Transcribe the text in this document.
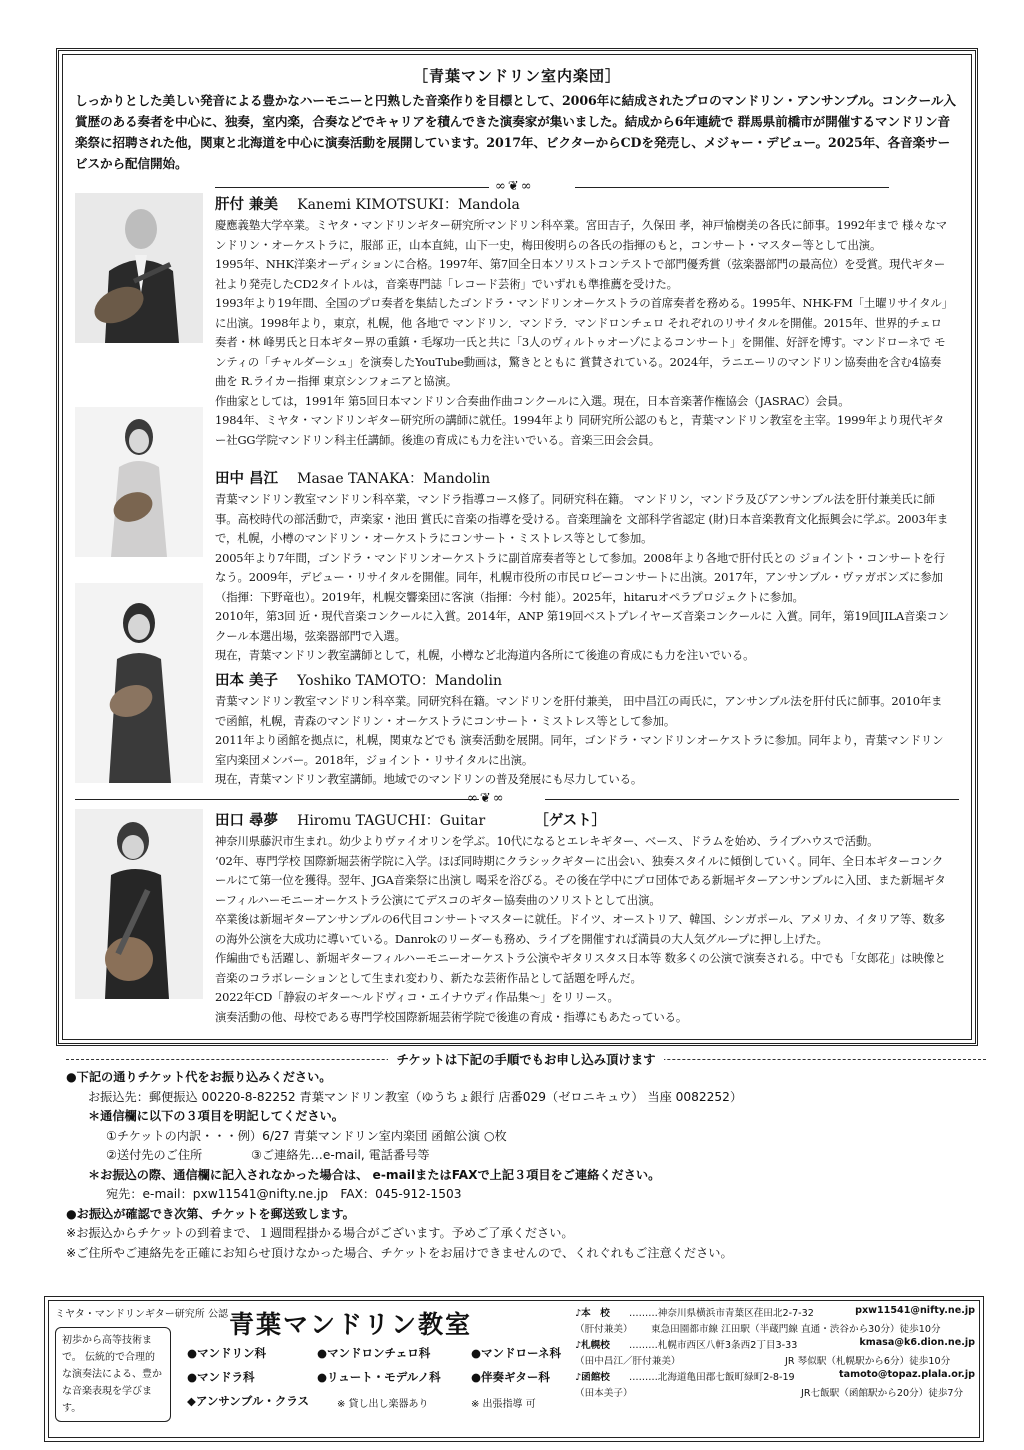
［青葉マンドリン室内楽団］
しっかりとした美しい発音による豊かなハーモニーと円熟した音楽作りを目標として、2006年に結成されたプロのマンドリン・アンサンブル。コンクール入賞歴のある奏者を中心に、独奏，室内楽，合奏などでキャリアを積んできた演奏家が集いました。結成から6年連続で 群馬県前橋市が開催するマンドリン音楽祭に招聘された他，関東と北海道を中心に演奏活動を展開しています。2017年、ビクターからCDを発売し、メジャー・デビュー。2025年、各音楽サービスから配信開始。
∞❦∞
肝付 兼美 Kanemi KIMOTSUKI：Mandola

慶應義塾大学卒業。ミヤタ・マンドリンギター研究所マンドリン科卒業。宮田吉子，久保田 孝，神戸愉樹美の各氏に師事。1992年まで 様々なマンドリン・オーケストラに，服部 正，山本直純，山下一史，梅田俊明らの各氏の指揮のもと，コンサート・マスター等として出演。

1995年、NHK洋楽オーディションに合格。1997年、第7回全日本ソリストコンテストで部門優秀賞（弦楽器部門の最高位）を受賞。現代ギター社より発売したCD2タイトルは，音楽専門誌「レコード芸術」でいずれも準推薦を受けた。

1993年より19年間、全国のプロ奏者を集結したゴンドラ・マンドリンオーケストラの首席奏者を務める。1995年、NHK-FM「土曜リサイタル」に出演。1998年より，東京，札幌，他 各地で マンドリン．マンドラ．マンドロンチェロ それぞれのリサイタルを開催。2015年、世界的チェロ奏者・林 峰男氏と日本ギター界の重鎮・毛塚功一氏と共に「3人のヴィルトゥオーゾによるコンサート」を開催、好評を博す。マンドローネで モンティの「チャルダーシュ」を演奏したYouTube動画は，驚きとともに 賞賛されている。2024年，ラニエーリのマンドリン協奏曲を含む4協奏曲を R.ライカー指揮 東京シンフォニアと協演。

作曲家としては，1991年 第5回日本マンドリン合奏曲作曲コンクールに入選。現在，日本音楽著作権協会（JASRAC）会員。

1984年、ミヤタ・マンドリンギター研究所の講師に就任。1994年より 同研究所公認のもと，青葉マンドリン教室を主宰。1999年より現代ギター社GG学院マンドリン科主任講師。後進の育成にも力を注いでいる。音楽三田会会員。

田中 昌江 Masae TANAKA：Mandolin

青葉マンドリン教室マンドリン科卒業，マンドラ指導コース修了。同研究科在籍。 マンドリン，マンドラ及びアンサンブル法を肝付兼美氏に師事。高校時代の部活動で，声楽家・池田 賞氏に音楽の指導を受ける。音楽理論を 文部科学省認定 (財)日本音楽教育文化振興会に学ぶ。2003年まで，札幌，小樽のマンドリン・オーケストラにコンサート・ミストレス等として参加。

2005年より7年間，ゴンドラ・マンドリンオーケストラに副首席奏者等として参加。2008年より各地で肝付氏との ジョイント・コンサートを行なう。2009年，デビュー・リサイタルを開催。同年，札幌市役所の市民ロビーコンサートに出演。2017年，アンサンブル・ヴァガボンズに参加（指揮：下野竜也）。2019年，札幌交響楽団に客演（指揮：今村 能）。2025年，hitaruオペラプロジェクトに参加。

2010年，第3回 近・現代音楽コンクールに入賞。2014年，ANP 第19回ベストプレイヤーズ音楽コンクールに 入賞。同年，第19回JILA音楽コンクール本選出場，弦楽器部門で入選。

現在，青葉マンドリン教室講師として，札幌，小樽など北海道内各所にて後進の育成にも力を注いでいる。

田本 美子 Yoshiko TAMOTO：Mandolin

青葉マンドリン教室マンドリン科卒業。同研究科在籍。マンドリンを肝付兼美， 田中昌江の両氏に，アンサンブル法を肝付氏に師事。2010年まで函館，札幌，青森のマンドリン・オーケストラにコンサート・ミストレス等として参加。

2011年より函館を拠点に，札幌，関東などでも 演奏活動を展開。同年，ゴンドラ・マンドリンオーケストラに参加。同年より，青葉マンドリン室内楽団メンバー。2018年，ジョイント・リサイタルに出演。

現在，青葉マンドリン教室講師。地域でのマンドリンの普及発展にも尽力している。

∞❦∞
田口 尋夢 Hiromu TAGUCHI：Guitar	［ゲスト］

神奈川県藤沢市生まれ。幼少よりヴァイオリンを学ぶ。10代になるとエレキギター、ベース、ドラムを始め、ライブハウスで活動。

‘02年、専門学校 国際新堀芸術学院に入学。ほぼ同時期にクラシックギターに出会い、独奏スタイルに傾倒していく。同年、全日本ギターコンクールにて第一位を獲得。翌年、JGA音楽祭に出演し 喝采を浴びる。その後在学中にプロ団体である新堀ギターアンサンブルに入団、また新堀ギターフィルハーモニーオーケストラ公演にてデスコのギター協奏曲のソリストとして出演。

卒業後は新堀ギターアンサンブルの6代目コンサートマスターに就任。ドイツ、オーストリア、韓国、シンガポール、アメリカ、イタリア等、数多の海外公演を大成功に導いている。Danrokのリーダーも務め、ライブを開催すれば満員の大人気グループに押し上げた。

作編曲でも活躍し、新堀ギターフィルハーモニーオーケストラ公演やギタリスタス日本等 数多くの公演で演奏される。中でも「女郎花」は映像と音楽のコラボレーションとして生まれ変わり、新たな芸術作品として話題を呼んだ。

2022年CD「静寂のギター～ルドヴィコ・エイナウディ作品集～」をリリース。

演奏活動の他、母校である専門学校国際新堀芸術学院で後進の育成・指導にもあたっている。

チケットは下記の手順でもお申し込み頂けます
●下記の通りチケット代をお振り込みください。
お振込先：郵便振込 00220-8-82252 青葉マンドリン教室（ゆうちょ銀行 店番029（ゼロニキュウ） 当座 0082252）
＊通信欄に以下の３項目を明記してください。
①チケットの内訳・・・例）6/27 青葉マンドリン室内楽団 函館公演 ○枚
②送付先のご住所　　　　③ご連絡先…e-mail, 電話番号等
＊お振込の際、通信欄に記入されなかった場合は、 e-mailまたはFAXで上記３項目をご連絡ください。
宛先：e-mail：pxw11541@nifty.ne.jp　FAX：045-912-1503
●お振込が確認でき次第、チケットを郵送致します。
※お振込からチケットの到着まで、１週間程掛かる場合がございます。予めご了承ください。
※ご住所やご連絡先を正確にお知らせ頂けなかった場合、チケットをお届けできませんので、くれぐれもご注意ください。
ミヤタ・マンドリンギター研究所 公認 青葉マンドリン教室
初歩から高等技術まで。 伝統的で合理的な演奏法による、豊かな音楽表現を学びます。
●マンドリン科	●マンドロンチェロ科	●マンドローネ科
●マンドラ科	●リュート・モデルノ科	●伴奏ギター科
◆アンサンブル・クラス	※ 貸し出し楽器あり	※ 出張指導 可
♪本　校 ………神奈川県横浜市青葉区荏田北2-7-32	pxw11541@nifty.ne.jp
（肝付兼美） 東急田園都市線 江田駅（半蔵門線 直通・渋谷から30分）徒歩10分
♪札幌校 ………札幌市西区八軒3条西2丁目3-33	kmasa@k6.dion.ne.jp
（田中昌江／肝付兼美）	JR 琴似駅（札幌駅から6分）徒歩10分
♪函館校 ………北海道亀田郡七飯町緑町2-8-19	tamoto@topaz.plala.or.jp
（田本美子）	JR七飯駅（函館駅から20分）徒歩7分
